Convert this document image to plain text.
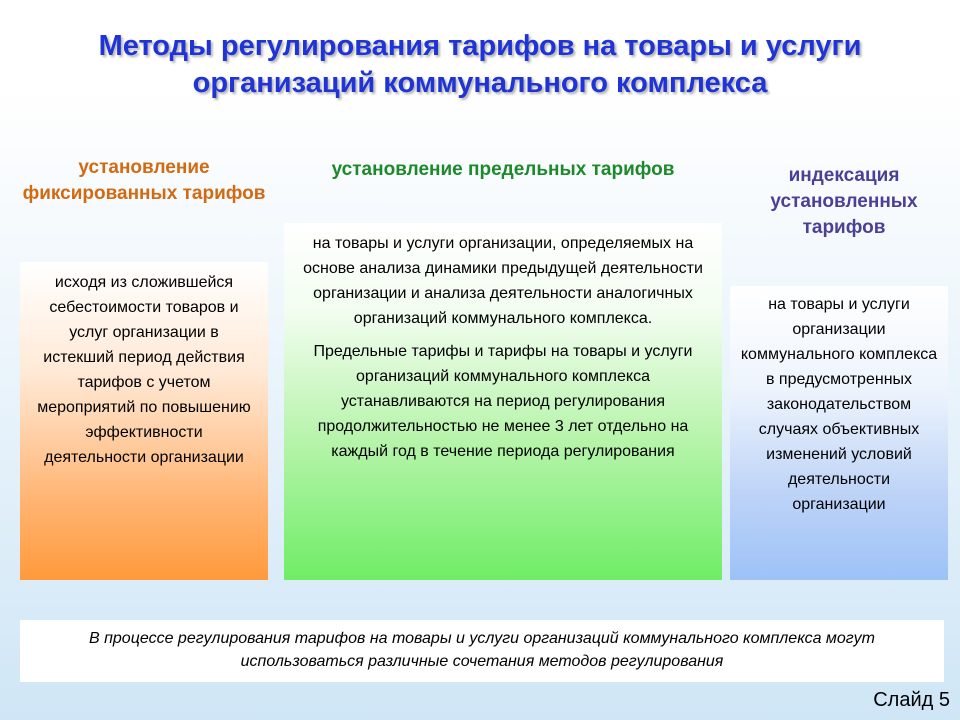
Методы регулирования тарифов на товары и услуги организаций коммунального комплекса
установление фиксированных тарифов
установление предельных тарифов	индексация установленных тарифов
исходя из сложившейся себестоимости товаров и услуг организации в истекший период действия тарифов с учетом мероприятий по повышению эффективности деятельности организации

на товары и услуги организации, определяемых на основе анализа динамики предыдущей деятельности организации и анализа деятельности аналогичных организаций коммунального комплекса.

Предельные тарифы и тарифы на товары и услуги организаций коммунального комплекса устанавливаются на период регулирования продолжительностью не менее 3 лет отдельно на каждый год в течение периода регулирования

на товары и услуги организации коммунального комплекса в предусмотренных законодательством случаях объективных изменений условий деятельности организации
В процессе регулирования тарифов на товары и услуги организаций коммунального комплекса могут использоваться различные сочетания методов регулирования
Слайд 5
